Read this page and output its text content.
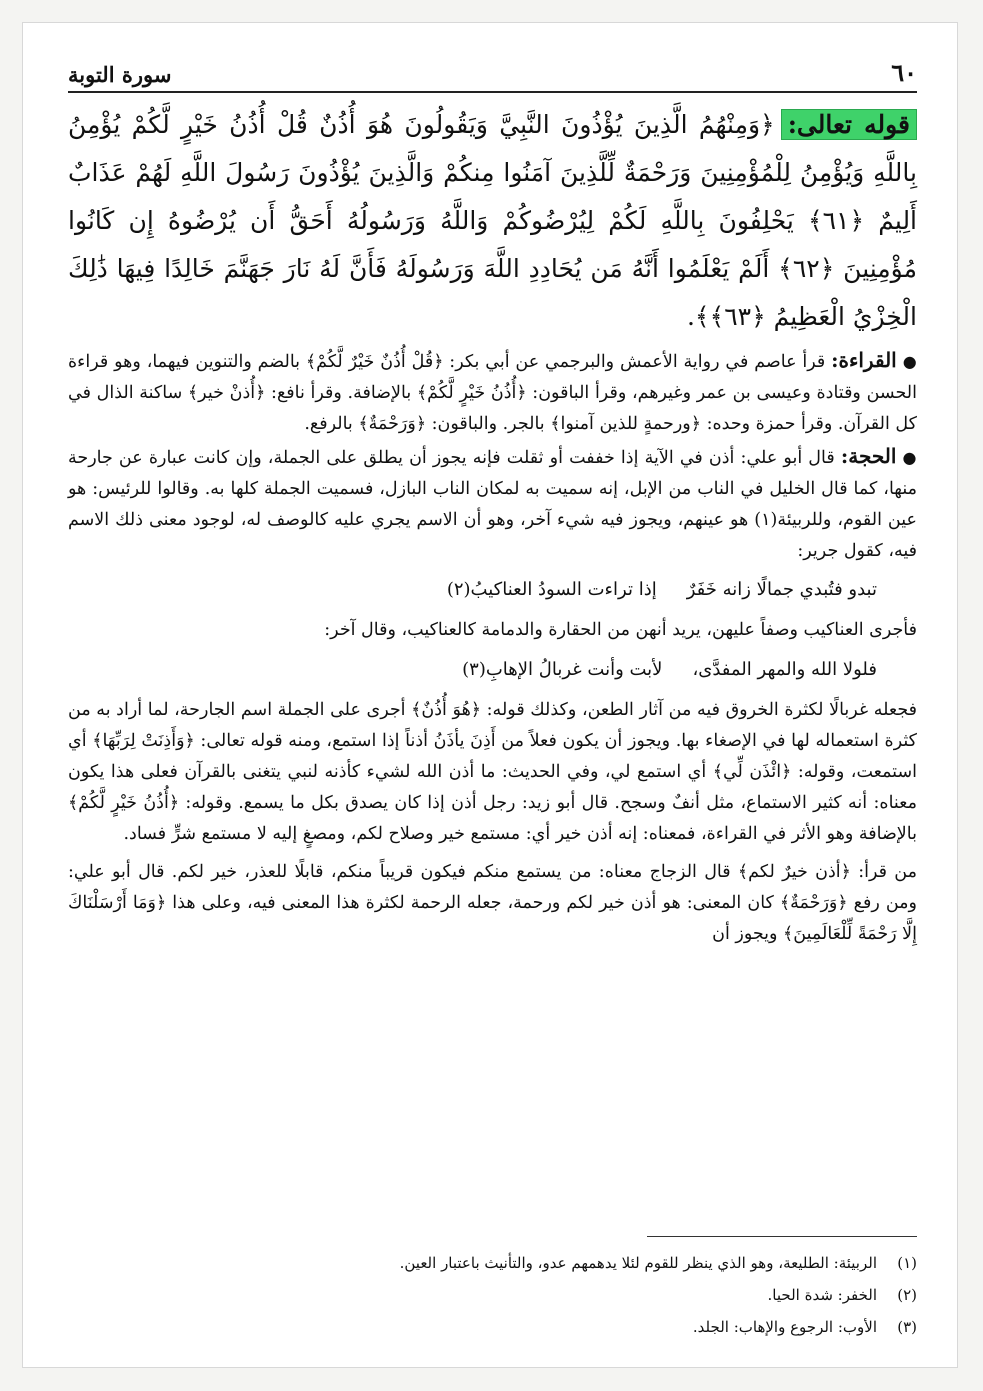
٦٠
سورة التوبة
قوله تعالى:﴿وَمِنْهُمُ الَّذِينَ يُؤْذُونَ النَّبِيَّ وَيَقُولُونَ هُوَ أُذُنٌ قُلْ أُذُنُ خَيْرٍ لَّكُمْ يُؤْمِنُ بِاللَّهِ وَيُؤْمِنُ لِلْمُؤْمِنِينَ وَرَحْمَةٌ لِّلَّذِينَ آمَنُوا مِنكُمْ وَالَّذِينَ يُؤْذُونَ رَسُولَ اللَّهِ لَهُمْ عَذَابٌ أَلِيمٌ ﴿٦١﴾ يَحْلِفُونَ بِاللَّهِ لَكُمْ لِيُرْضُوكُمْ وَاللَّهُ وَرَسُولُهُ أَحَقُّ أَن يُرْضُوهُ إِن كَانُوا مُؤْمِنِينَ ﴿٦٢﴾ أَلَمْ يَعْلَمُوا أَنَّهُ مَن يُحَادِدِ اللَّهَ وَرَسُولَهُ فَأَنَّ لَهُ نَارَ جَهَنَّمَ خَالِدًا فِيهَا ذَٰلِكَ الْخِزْيُ الْعَظِيمُ ﴿٦٣﴾﴾.

●القراءة: قرأ عاصم في رواية الأعمش والبرجمي عن أبي بكر: ﴿قُلْ أُذُنٌ خَيْرٌ لَّكُمْ﴾ بالضم والتنوين فيهما، وهو قراءة الحسن وقتادة وعيسى بن عمر وغيرهم، وقرأ الباقون: ﴿أُذُنُ خَيْرٍ لَّكُمْ﴾ بالإضافة. وقرأ نافع: ﴿أُذنْ خير﴾ ساكنة الذال في كل القرآن. وقرأ حمزة وحده: ﴿ورحمةٍ للذين آمنوا﴾ بالجر. والباقون: ﴿وَرَحْمَةٌ﴾ بالرفع.

●الحجة: قال أبو علي: أذن في الآية إذا خففت أو ثقلت فإنه يجوز أن يطلق على الجملة، وإن كانت عبارة عن جارحة منها، كما قال الخليل في الناب من الإبل، إنه سميت به لمكان الناب البازل، فسميت الجملة كلها به. وقالوا للرئيس: هو عين القوم، وللربيئة(١) هو عينهم، ويجوز فيه شيء آخر، وهو أن الاسم يجري عليه كالوصف له، لوجود معنى ذلك الاسم فيه، كقول جرير:

تبدو فتُبدي جمالًا زانه خَفَرٌ
إذا تراءت السودُ العناكيبُ(٢)

فأجرى العناكيب وصفاً عليهن، يريد أنهن من الحقارة والدمامة كالعناكيب، وقال آخر:

فلولا الله والمهر المفدَّى،
لأبت وأنت غربالُ الإهابِ(٣)

فجعله غربالًا لكثرة الخروق فيه من آثار الطعن، وكذلك قوله: ﴿هُوَ أُذُنٌ﴾ أجرى على الجملة اسم الجارحة، لما أراد به من كثرة استعماله لها في الإصغاء بها. ويجوز أن يكون فعلاً من أَذِنَ يأذَنُ أذناً إذا استمع، ومنه قوله تعالى: ﴿وَأَذِنَتْ لِرَبِّهَا﴾ أي استمعت، وقوله: ﴿ائْذَن لِّي﴾ أي استمع لي، وفي الحديث: ما أذن الله لشيء كأذنه لنبي يتغنى بالقرآن فعلى هذا يكون معناه: أنه كثير الاستماع، مثل أنفٌ وسجح. قال أبو زيد: رجل أذن إذا كان يصدق بكل ما يسمع. وقوله: ﴿أُذُنُ خَيْرٍ لَّكُمْ﴾ بالإضافة وهو الأثر في القراءة، فمعناه: إنه أذن خير أي: مستمع خير وصلاح لكم، ومصغٍ إليه لا مستمع شرٍّ فساد.

من قرأ: ﴿أذن خيرٌ لكم﴾ قال الزجاج معناه: من يستمع منكم فيكون قريباً منكم، قابلًا للعذر، خير لكم. قال أبو علي: ومن رفع ﴿وَرَحْمَةٌ﴾ كان المعنى: هو أذن خير لكم ورحمة، جعله الرحمة لكثرة هذا المعنى فيه، وعلى هذا ﴿وَمَا أَرْسَلْنَاكَ إِلَّا رَحْمَةً لِّلْعَالَمِينَ﴾ ويجوز أن

(١)
الربيئة: الطليعة، وهو الذي ينظر للقوم لئلا يدهمهم عدو، والتأنيث باعتبار العين.
(٢)
الخفر: شدة الحيا.
(٣)
الأوب: الرجوع والإهاب: الجلد.
